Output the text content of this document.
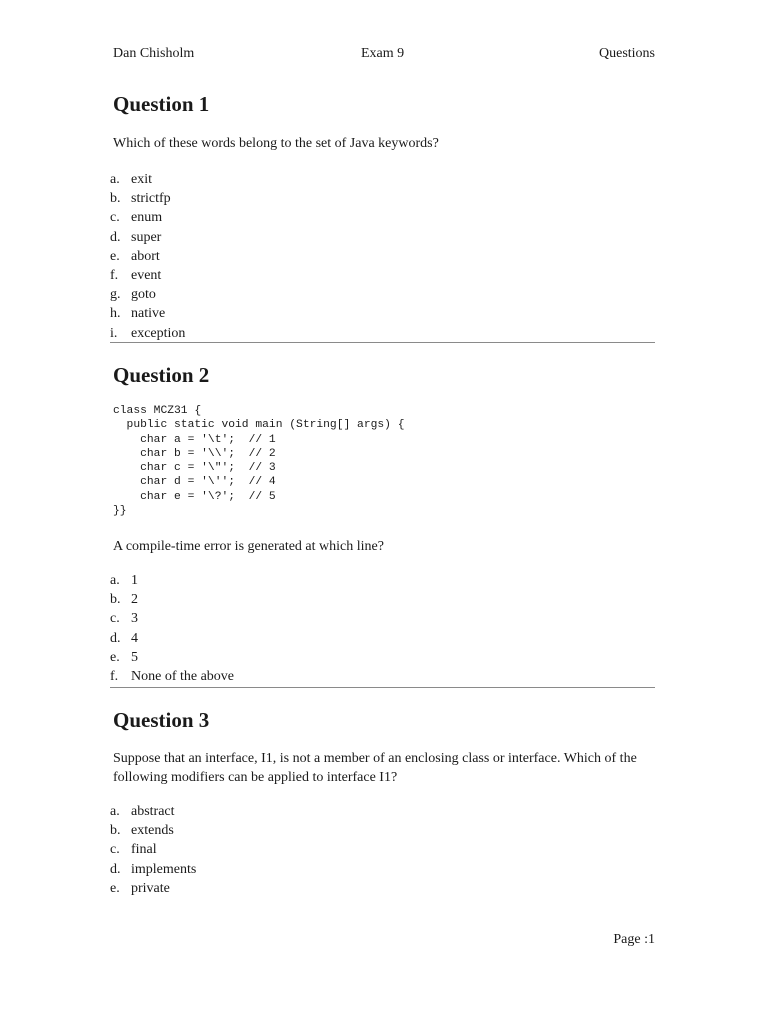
Dan Chisholm	Exam 9	Questions
Question 1
Which of these words belong to the set of Java keywords?
a. exit
b. strictfp
c. enum
d. super
e. abort
f. event
g. goto
h. native
i. exception
Question 2
class MCZ31 {
public static void main (String[] args) {
char a = '\t';  // 1
char b = '\\';  // 2
char c = '\"';  // 3
char d = '\'';  // 4
char e = '\?';  // 5
}}
A compile-time error is generated at which line?
a. 1
b. 2
c. 3
d. 4
e. 5
f. None of the above
Question 3
Suppose that an interface, I1, is not a member of an enclosing class or interface. Which of the following modifiers can be applied to interface I1?
a. abstract
b. extends
c. final
d. implements
e. private
Page :1
